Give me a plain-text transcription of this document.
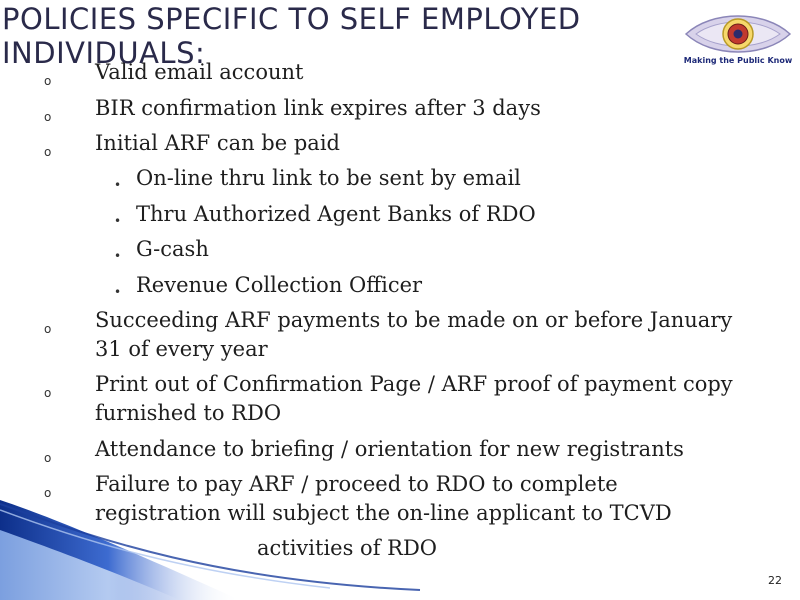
POLICIES SPECIFIC TO SELF EMPLOYED INDIVIDUALS:	Making the Public Know
o Valid email account
o BIR confirmation link expires after 3 days
o Initial ARF can be paid
• On-line thru link to be sent by email
• Thru Authorized Agent Banks of RDO
• G-cash
• Revenue Collection Officer
o Succeeding ARF payments to be made on or before January
31 of every year
o Print out of Confirmation Page / ARF proof of payment copy
furnished to RDO
o Attendance to briefing / orientation for new registrants
o Failure to pay ARF / proceed to RDO to complete
registration will subject the on-line applicant to TCVD
activities of RDO
22
